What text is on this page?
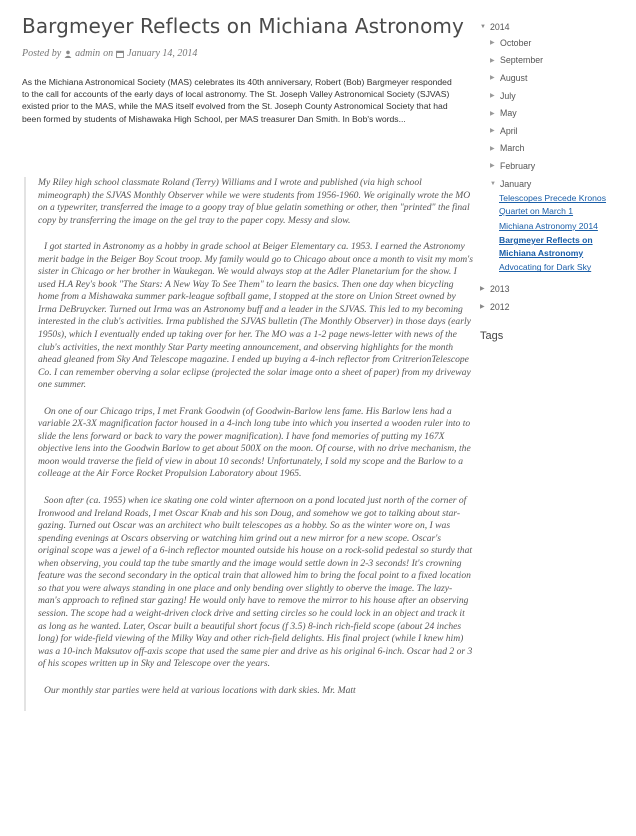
Bargmeyer Reflects on Michiana Astronomy
Posted by admin on January 14, 2014
As the Michiana Astronomical Society (MAS) celebrates its 40th anniversary, Robert (Bob) Bargmeyer responded to the call for accounts of the early days of local astronomy. The St. Joseph Valley Astronomical Society (SJVAS) existed prior to the MAS, while the MAS itself evolved from the St. Joseph County Astronomical Society that had been formed by students of Mishawaka High School, per MAS treasurer Dan Smith. In Bob's words...

My Riley high school classmate Roland (Terry) Williams and I wrote and published (via high school mimeograph) the SJVAS Monthly Observer while we were students from 1956-1960. We originally wrote the MO on a typewriter, transferred the image to a goopy tray of blue gelatin something or other, then "printed" the final copy by transferring the image on the gel tray to the paper copy. Messy and slow.

I got started in Astronomy as a hobby in grade school at Beiger Elementary ca. 1953. I earned the Astronomy merit badge in the Beiger Boy Scout troop. My family would go to Chicago about once a month to visit my mom's sister in Chicago or her brother in Waukegan. We would always stop at the Adler Planetarium for the show. I used H.A Rey's book "The Stars: A New Way To See Them" to learn the basics. Then one day when bicycling home from a Mishawaka summer park-league softball game, I stopped at the store on Union Street owned by Irma DeBruycker. Turned out Irma was an Astronomy buff and a leader in the SJVAS. This led to my becoming interested in the club's activities. Irma published the SJVAS bulletin (The Monthly Observer) in those days (early 1950s), which I eventually ended up taking over for her. The MO was a 1-2 page news-letter with news of the club's activities, the next monthly Star Party meeting announcement, and observing highlights for the month ahead gleaned from Sky And Telescope magazine. I ended up buying a 4-inch reflector from CritrerionTelescope Co. I can remember oberving a solar eclipse (projected the solar image onto a sheet of paper) from my driveway one summer.

On one of our Chicago trips, I met Frank Goodwin (of Goodwin-Barlow lens fame. His Barlow lens had a variable 2X-3X magnification factor housed in a 4-inch long tube into which you inserted a wooden ruler into to slide the lens forward or back to vary the power magnification). I have fond memories of putting my 167X objective lens into the Goodwin Barlow to get about 500X on the moon. Of course, with no drive mechanism, the moon would traverse the field of view in about 10 seconds! Unfortunately, I sold my scope and the Barlow to a colleage at the Air Force Rocket Propulsion Laboratory about 1965.

Soon after (ca. 1955) when ice skating one cold winter afternoon on a pond located just north of the corner of Ironwood and Ireland Roads, I met Oscar Knab and his son Doug, and somehow we got to talking about star-gazing. Turned out Oscar was an architect who built telescopes as a hobby. So as the winter wore on, I was spending evenings at Oscars observing or watching him grind out a new mirror for a new scope. Oscar's original scope was a jewel of a 6-inch reflector mounted outside his house on a rock-solid pedestal so sturdy that when observing, you could tap the tube smartly and the image would settle down in 2-3 seconds! It's crowning feature was the second secondary in the optical train that allowed him to bring the focal point to a fixed location so that you were always standing in one place and only bending over slightly to oberve the image. The lazy-man's approach to refined star gazing! He would only have to remove the mirror to his house after an observing session. The scope had a weight-driven clock drive and setting circles so he could lock in an object and track it as long as he wanted. Later, Oscar built a beautiful short focus (f 3.5) 8-inch rich-field scope (about 24 inches long) for wide-field viewing of the Milky Way and other rich-field delights. His final project (while I knew him) was a 10-inch Maksutov off-axis scope that used the same pier and drive as his original 6-inch. Oscar had 2 or 3 of his scopes written up in Sky and Telescope over the years.

Our monthly star parties were held at various locations with dark skies. Mr. Matt

▼ 2014
▶ October
▶ September
▶ August
▶ July
▶ May
▶ April
▶ March
▶ February
▼ January
Telescopes Precede Kronos Quartet on March 1
Michiana Astronomy 2014
Bargmeyer Reflects on Michiana Astronomy
Advocating for Dark Sky
▶ 2013
▶ 2012
Tags
